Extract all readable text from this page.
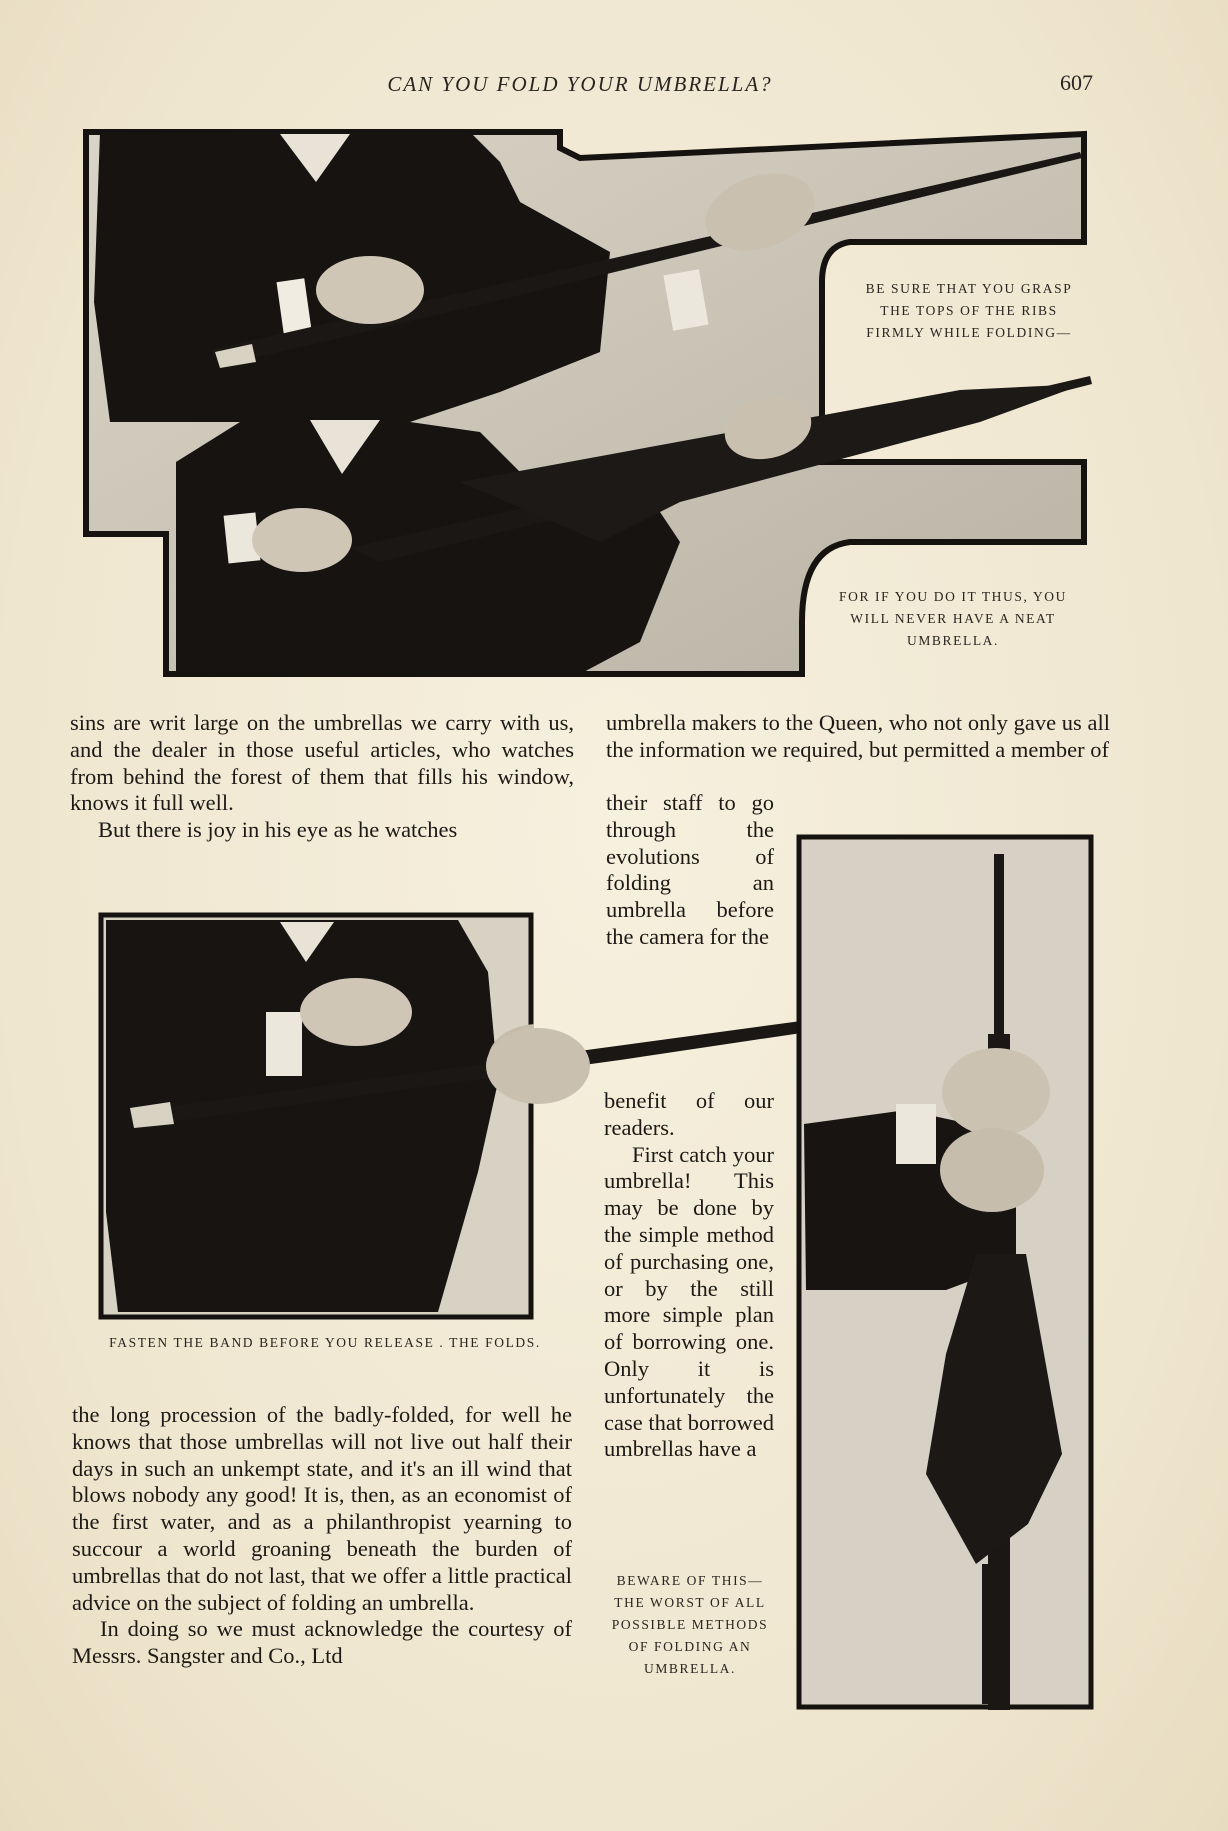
CAN YOU FOLD YOUR UMBRELLA?	607
BE SURE THAT YOU GRASP THE TOPS OF THE RIBS FIRMLY WHILE FOLDING—
FOR IF YOU DO IT THUS, YOU WILL NEVER HAVE A NEAT UMBRELLA.

sins are writ large on the umbrellas we carry with us, and the dealer in those useful articles, who watches from behind the forest of them that fills his window, knows it full well.

But there is joy in his eye as he watches

umbrella makers to the Queen, who not only gave us all the information we required, but permitted a member of
their staff to go through the evolutions of folding an umbrella before the camera for the
FASTEN THE BAND BEFORE YOU RELEASE . THE FOLDS.

benefit of our readers.

First catch your umbrella! This may be done by the simple method of purchasing one, or by the still more simple plan of borrowing one. Only it is unfortunately the case that borrowed umbrellas have a

BEWARE OF THIS—THE WORST OF ALL POSSIBLE METHODS OF FOLDING AN UMBRELLA.

the long procession of the badly-folded, for well he knows that those umbrellas will not live out half their days in such an unkempt state, and it's an ill wind that blows nobody any good! It is, then, as an economist of the first water, and as a philanthropist yearning to succour a world groaning beneath the burden of umbrellas that do not last, that we offer a little practical advice on the subject of folding an umbrella.

In doing so we must acknowledge the courtesy of Messrs. Sangster and Co., Ltd
